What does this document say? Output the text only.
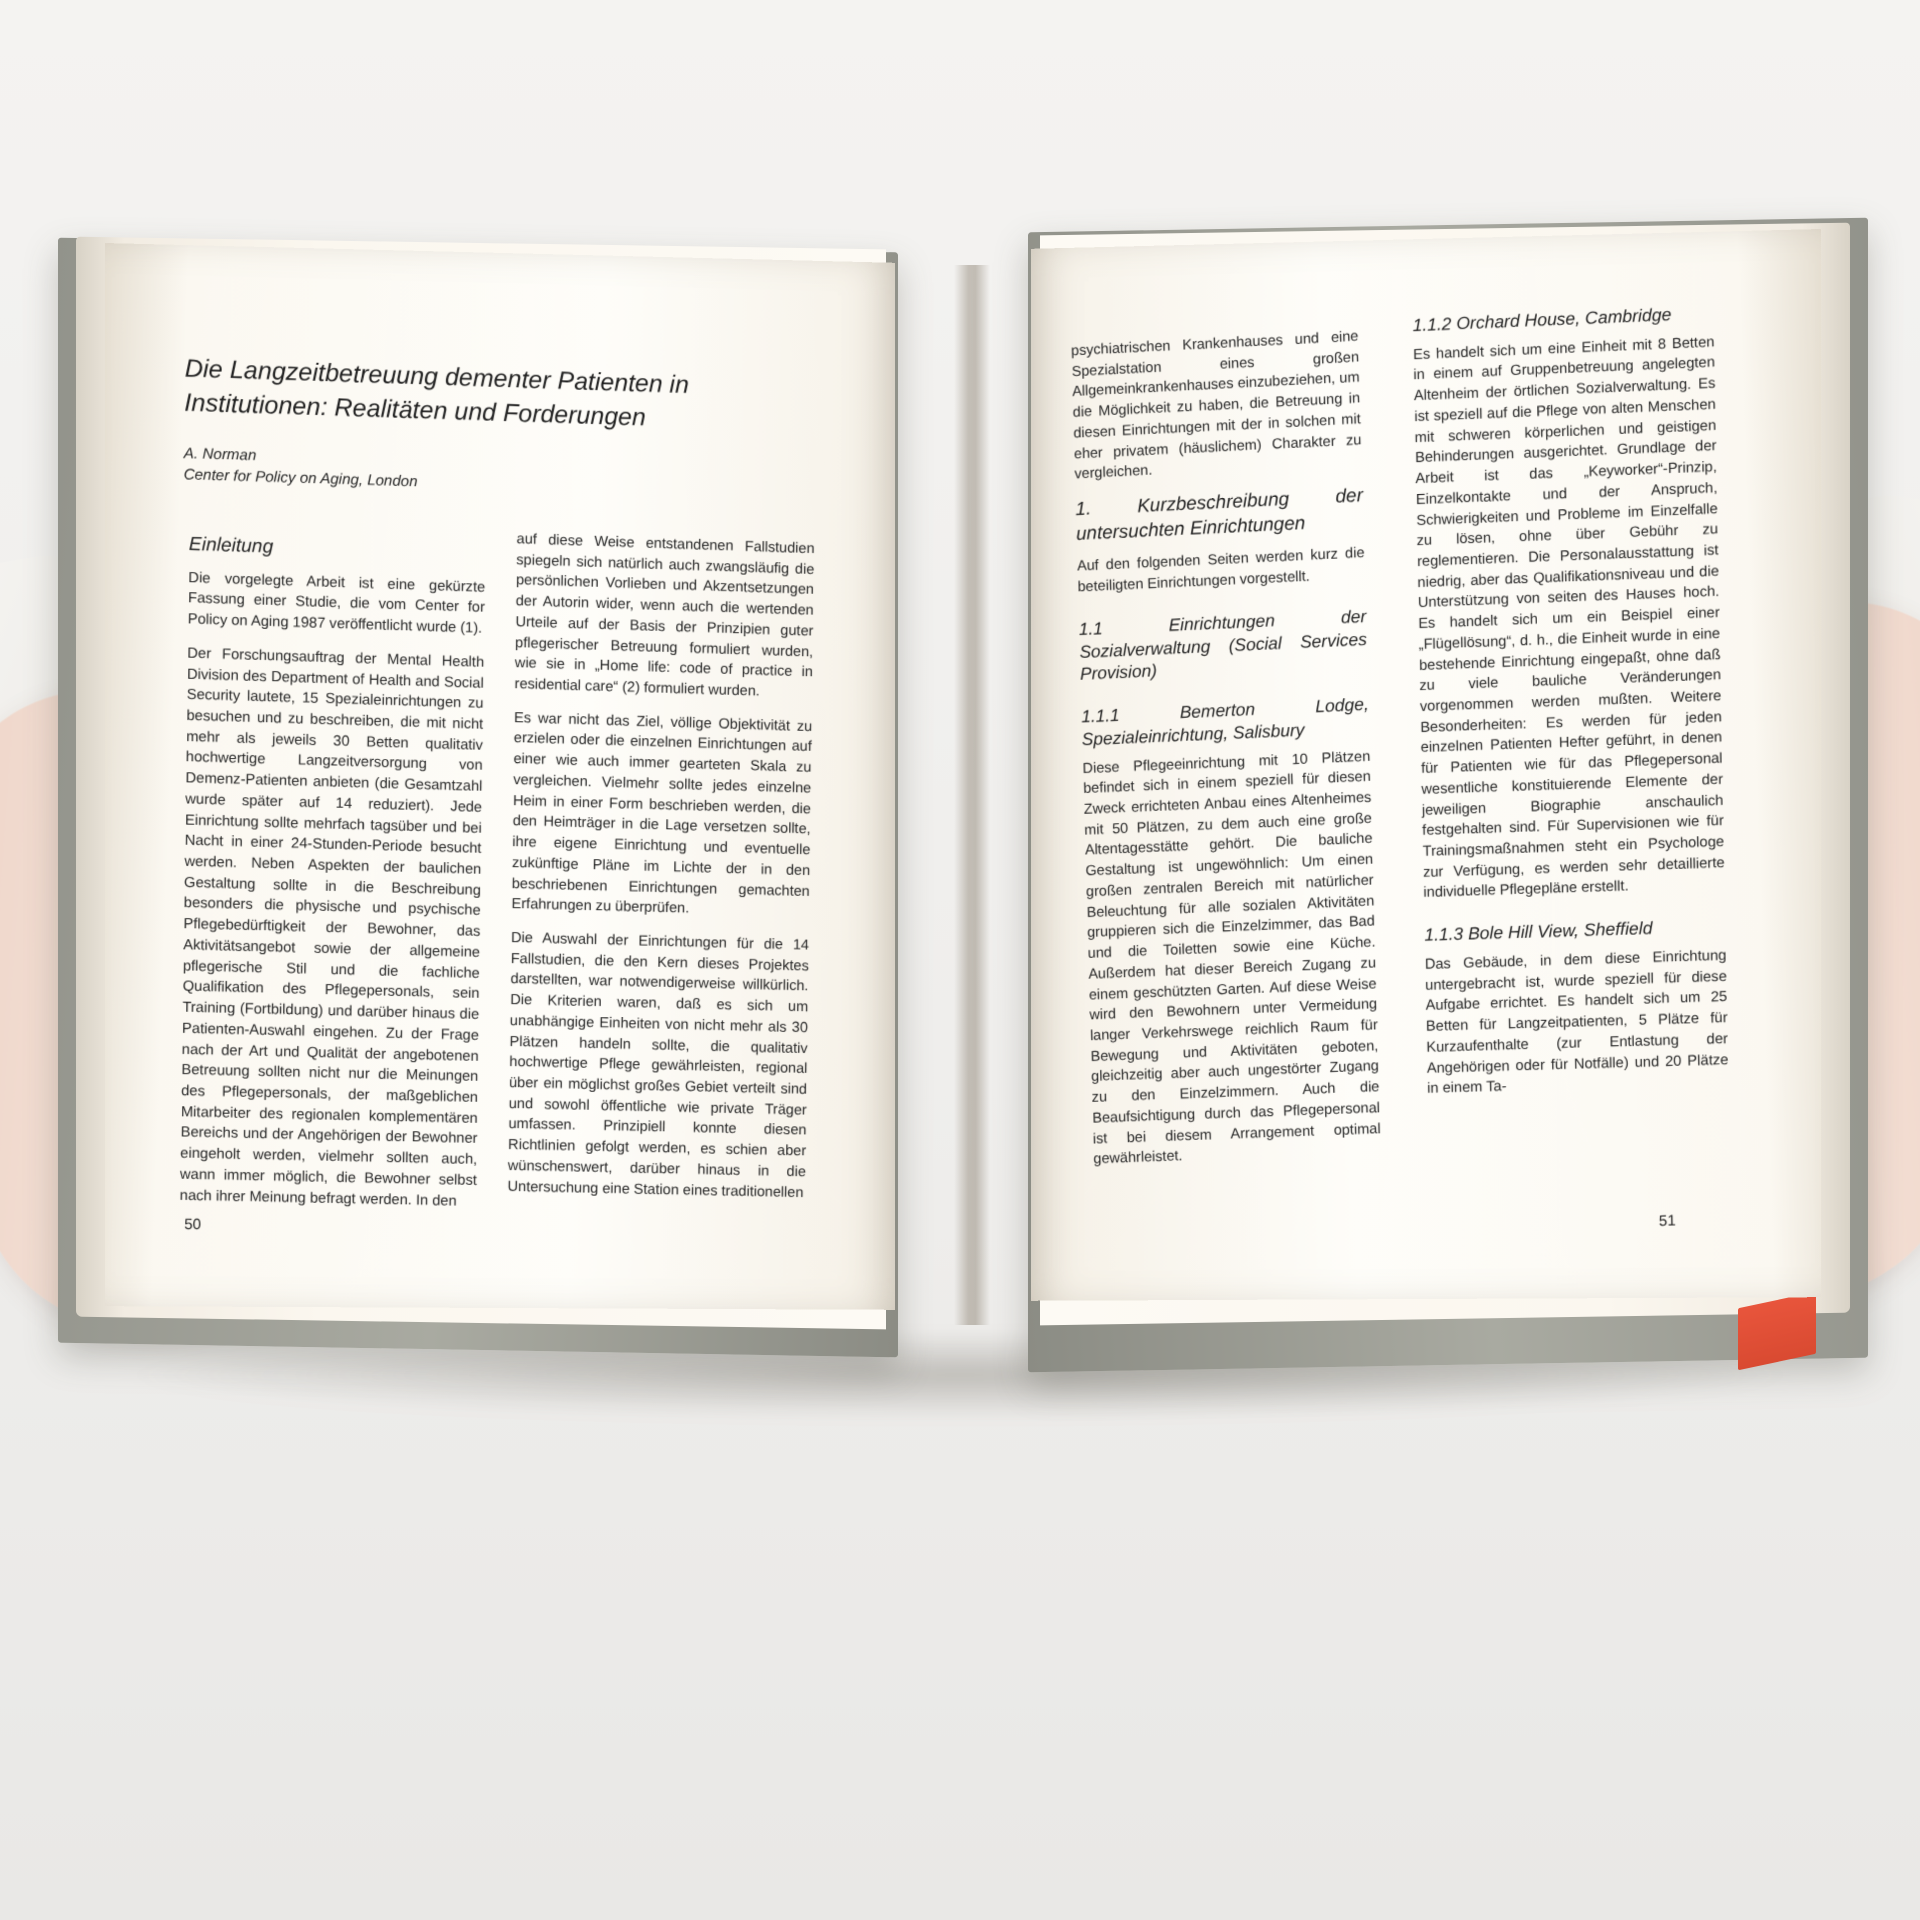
Die Langzeitbetreuung dementer Patienten in Institutionen: Realitäten und Forderungen

A. Norman

Center for Policy on Aging, London

Einleitung

Die vorgelegte Arbeit ist eine gekürzte Fassung einer Studie, die vom Center for Policy on Aging 1987 veröffentlicht wurde (1).

Der Forschungsauftrag der Mental Health Division des Department of Health and Social Security lautete, 15 Spezialeinrichtungen zu besuchen und zu beschreiben, die mit nicht mehr als jeweils 30 Betten qualitativ hochwertige Langzeitversorgung von Demenz-Patienten anbieten (die Gesamtzahl wurde später auf 14 reduziert). Jede Einrichtung sollte mehrfach tagsüber und bei Nacht in einer 24-Stunden-Periode besucht werden. Neben Aspekten der baulichen Gestaltung sollte in die Beschreibung besonders die physische und psychische Pflegebedürftigkeit der Bewohner, das Aktivitätsangebot sowie der allgemeine pflegerische Stil und die fachliche Qualifikation des Pflegepersonals, sein Training (Fortbildung) und darüber hinaus die Patienten-Auswahl eingehen. Zu der Frage nach der Art und Qualität der angebotenen Betreuung sollten nicht nur die Meinungen des Pflegepersonals, der maßgeblichen Mitarbeiter des regionalen komplementären Bereichs und der Angehörigen der Bewohner eingeholt werden, vielmehr sollten auch, wann immer möglich, die Bewohner selbst nach ihrer Meinung befragt werden. In den

auf diese Weise entstandenen Fallstudien spiegeln sich natürlich auch zwangsläufig die persönlichen Vorlieben und Akzentsetzungen der Autorin wider, wenn auch die wertenden Urteile auf der Basis der Prinzipien guter pflegerischer Betreuung formuliert wurden, wie sie in „Home life: code of practice in residential care“ (2) formuliert wurden.

Es war nicht das Ziel, völlige Objektivität zu erzielen oder die einzelnen Einrichtungen auf einer wie auch immer gearteten Skala zu vergleichen. Vielmehr sollte jedes einzelne Heim in einer Form beschrieben werden, die den Heimträger in die Lage versetzen sollte, ihre eigene Einrichtung und eventuelle zukünftige Pläne im Lichte der in den beschriebenen Einrichtungen gemachten Erfahrungen zu überprüfen.

Die Auswahl der Einrichtungen für die 14 Fallstudien, die den Kern dieses Projektes darstellten, war notwendigerweise willkürlich. Die Kriterien waren, daß es sich um unabhängige Einheiten von nicht mehr als 30 Plätzen handeln sollte, die qualitativ hochwertige Pflege gewährleisten, regional über ein möglichst großes Gebiet verteilt sind und sowohl öffentliche wie private Träger umfassen. Prinzipiell konnte diesen Richtlinien gefolgt werden, es schien aber wünschenswert, darüber hinaus in die Untersuchung eine Station eines traditionellen

50

psychiatrischen Krankenhauses und eine Spezialstation eines großen Allgemeinkrankenhauses einzubeziehen, um die Möglichkeit zu haben, die Betreuung in diesen Einrichtungen mit der in solchen mit eher privatem (häuslichem) Charakter zu vergleichen.

1. Kurzbeschreibung der untersuchten Einrichtungen

Auf den folgenden Seiten werden kurz die beteiligten Einrichtungen vorgestellt.

1.1 Einrichtungen der Sozialverwaltung (Social Services Provision)
1.1.1 Bemerton Lodge, Spezialeinrichtung, Salisbury

Diese Pflegeeinrichtung mit 10 Plätzen befindet sich in einem speziell für diesen Zweck errichteten Anbau eines Altenheimes mit 50 Plätzen, zu dem auch eine große Altentagesstätte gehört. Die bauliche Gestaltung ist ungewöhnlich: Um einen großen zentralen Bereich mit natürlicher Beleuchtung für alle sozialen Aktivitäten gruppieren sich die Einzelzimmer, das Bad und die Toiletten sowie eine Küche. Außerdem hat dieser Bereich Zugang zu einem geschützten Garten. Auf diese Weise wird den Bewohnern unter Vermeidung langer Verkehrswege reichlich Raum für Bewegung und Aktivitäten geboten, gleichzeitig aber auch ungestörter Zugang zu den Einzelzimmern. Auch die Beaufsichtigung durch das Pflegepersonal ist bei diesem Arrangement optimal gewährleistet.

1.1.2 Orchard House, Cambridge

Es handelt sich um eine Einheit mit 8 Betten in einem auf Gruppenbetreuung angelegten Altenheim der örtlichen Sozialverwaltung. Es ist speziell auf die Pflege von alten Menschen mit schweren körperlichen und geistigen Behinderungen ausgerichtet. Grundlage der Arbeit ist das „Keyworker“-Prinzip, Einzelkontakte und der Anspruch, Schwierigkeiten und Probleme im Einzelfalle zu lösen, ohne über Gebühr zu reglementieren. Die Personalausstattung ist niedrig, aber das Qualifikationsniveau und die Unterstützung von seiten des Hauses hoch. Es handelt sich um ein Beispiel einer „Flügellösung“, d. h., die Einheit wurde in eine bestehende Einrichtung eingepaßt, ohne daß zu viele bauliche Veränderungen vorgenommen werden mußten. Weitere Besonderheiten: Es werden für jeden einzelnen Patienten Hefter geführt, in denen für Patienten wie für das Pflegepersonal wesentliche konstituierende Elemente der jeweiligen Biographie anschaulich festgehalten sind. Für Supervisionen wie für Trainingsmaßnahmen steht ein Psychologe zur Verfügung, es werden sehr detaillierte individuelle Pflegepläne erstellt.

1.1.3 Bole Hill View, Sheffield

Das Gebäude, in dem diese Einrichtung untergebracht ist, wurde speziell für diese Aufgabe errichtet. Es handelt sich um 25 Betten für Langzeitpatienten, 5 Plätze für Kurzaufenthalte (zur Entlastung der Angehörigen oder für Notfälle) und 20 Plätze in einem Ta-

51
